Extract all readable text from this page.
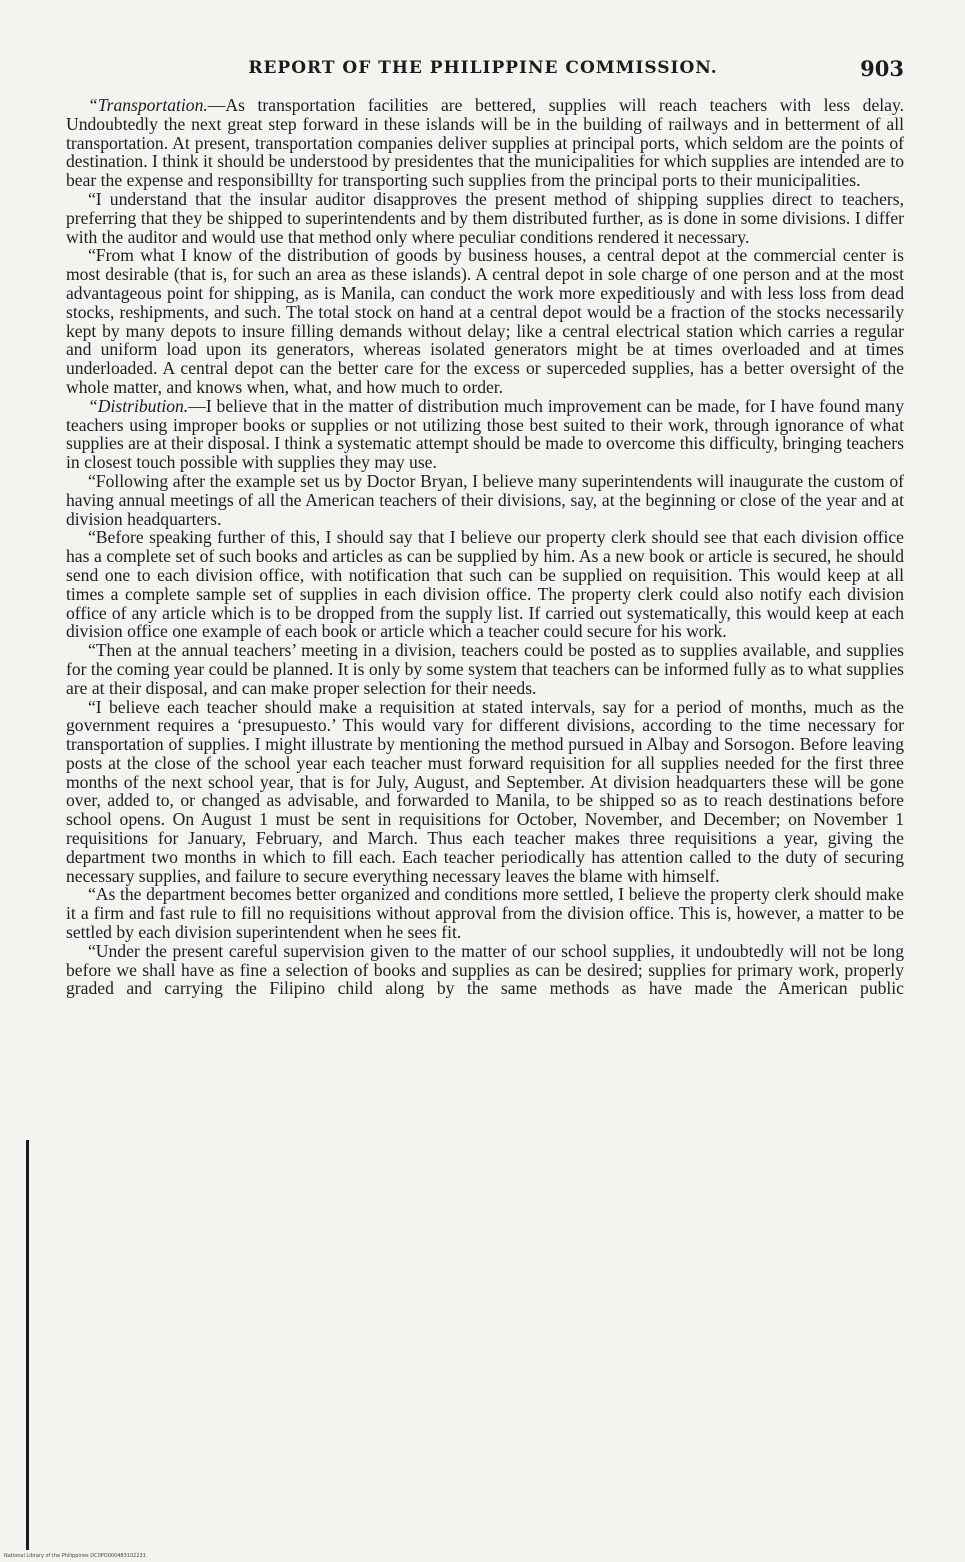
REPORT OF THE PHILIPPINE COMMISSION.	903

“Transportation.—As transportation facilities are bettered, supplies will reach teachers with less delay. Undoubtedly the next great step forward in these islands will be in the building of railways and in betterment of all transportation. At present, transportation companies deliver supplies at principal ports, which seldom are the points of destination. I think it should be understood by presidentes that the municipalities for which supplies are intended are to bear the expense and responsibillty for transporting such supplies from the principal ports to their municipalities.

“I understand that the insular auditor disapproves the present method of shipping supplies direct to teachers, preferring that they be shipped to superintendents and by them distributed further, as is done in some divisions. I differ with the auditor and would use that method only where peculiar conditions rendered it necessary.

“From what I know of the distribution of goods by business houses, a central depot at the commercial center is most desirable (that is, for such an area as these islands). A central depot in sole charge of one person and at the most advantageous point for shipping, as is Manila, can conduct the work more expeditiously and with less loss from dead stocks, reshipments, and such. The total stock on hand at a central depot would be a fraction of the stocks necessarily kept by many depots to insure filling demands without delay; like a central electrical station which carries a regular and uniform load upon its generators, whereas isolated generators might be at times overloaded and at times underloaded. A central depot can the better care for the excess or superceded supplies, has a better oversight of the whole matter, and knows when, what, and how much to order.

“Distribution.—I believe that in the matter of distribution much improvement can be made, for I have found many teachers using improper books or supplies or not utilizing those best suited to their work, through ignorance of what supplies are at their disposal. I think a systematic attempt should be made to overcome this difficulty, bringing teachers in closest touch possible with supplies they may use.

“Following after the example set us by Doctor Bryan, I believe many superintendents will inaugurate the custom of having annual meetings of all the American teachers of their divisions, say, at the beginning or close of the year and at division headquarters.

“Before speaking further of this, I should say that I believe our property clerk should see that each division office has a complete set of such books and articles as can be supplied by him. As a new book or article is secured, he should send one to each division office, with notification that such can be supplied on requisition. This would keep at all times a complete sample set of supplies in each division office. The property clerk could also notify each division office of any article which is to be dropped from the supply list. If carried out systematically, this would keep at each division office one example of each book or article which a teacher could secure for his work.

“Then at the annual teachers’ meeting in a division, teachers could be posted as to supplies available, and supplies for the coming year could be planned. It is only by some system that teachers can be informed fully as to what supplies are at their disposal, and can make proper selection for their needs.

“I believe each teacher should make a requisition at stated intervals, say for a period of months, much as the government requires a ‘presupuesto.’ This would vary for different divisions, according to the time necessary for transportation of supplies. I might illustrate by mentioning the method pursued in Albay and Sorsogon. Before leaving posts at the close of the school year each teacher must forward requisition for all supplies needed for the first three months of the next school year, that is for July, August, and September. At division headquarters these will be gone over, added to, or changed as advisable, and forwarded to Manila, to be shipped so as to reach destinations before school opens. On August 1 must be sent in requisitions for October, November, and December; on November 1 requisitions for January, February, and March. Thus each teacher makes three requisitions a year, giving the department two months in which to fill each. Each teacher periodically has attention called to the duty of securing necessary supplies, and failure to secure everything necessary leaves the blame with himself.

“As the department becomes better organized and conditions more settled, I believe the property clerk should make it a firm and fast rule to fill no requisitions without approval from the division office. This is, however, a matter to be settled by each division superintendent when he sees fit.

“Under the present careful supervision given to the matter of our school supplies, it undoubtedly will not be long before we shall have as fine a selection of books and supplies as can be desired; supplies for primary work, properly graded and carrying the Filipino child along by the same methods as have made the American public

National Library of the Philippines DC0PO000483102231
